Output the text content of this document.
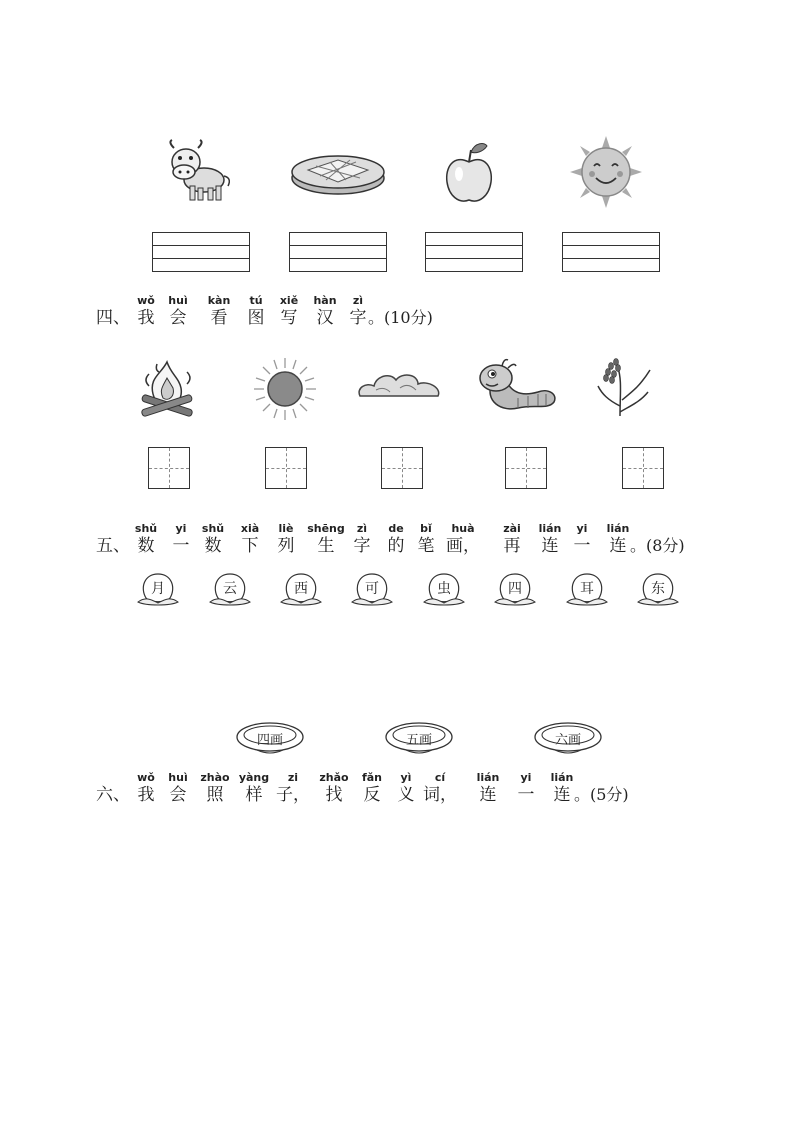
四、
wǒ
我
huì
会
kàn
看
tú
图
xiě
写
hàn
汉
zì
字 。(10分)
五、
shǔ
数
yi
一
shǔ
数
xià
下
liè
列
shēng
生
zì
字
de
的
bǐ
笔
huà
画，
zài
再
lián
连
yi
一
lián
连 。(8分)
月	云	西	可	虫	四	耳	东
四画	五画	六画
六、
wǒ
我
huì
会
zhào
照
yàng
样
zi
子，
zhǎo
找
fǎn
反
yì
义
cí
词，
lián
连
yi
一
lián
连 。(5分)
